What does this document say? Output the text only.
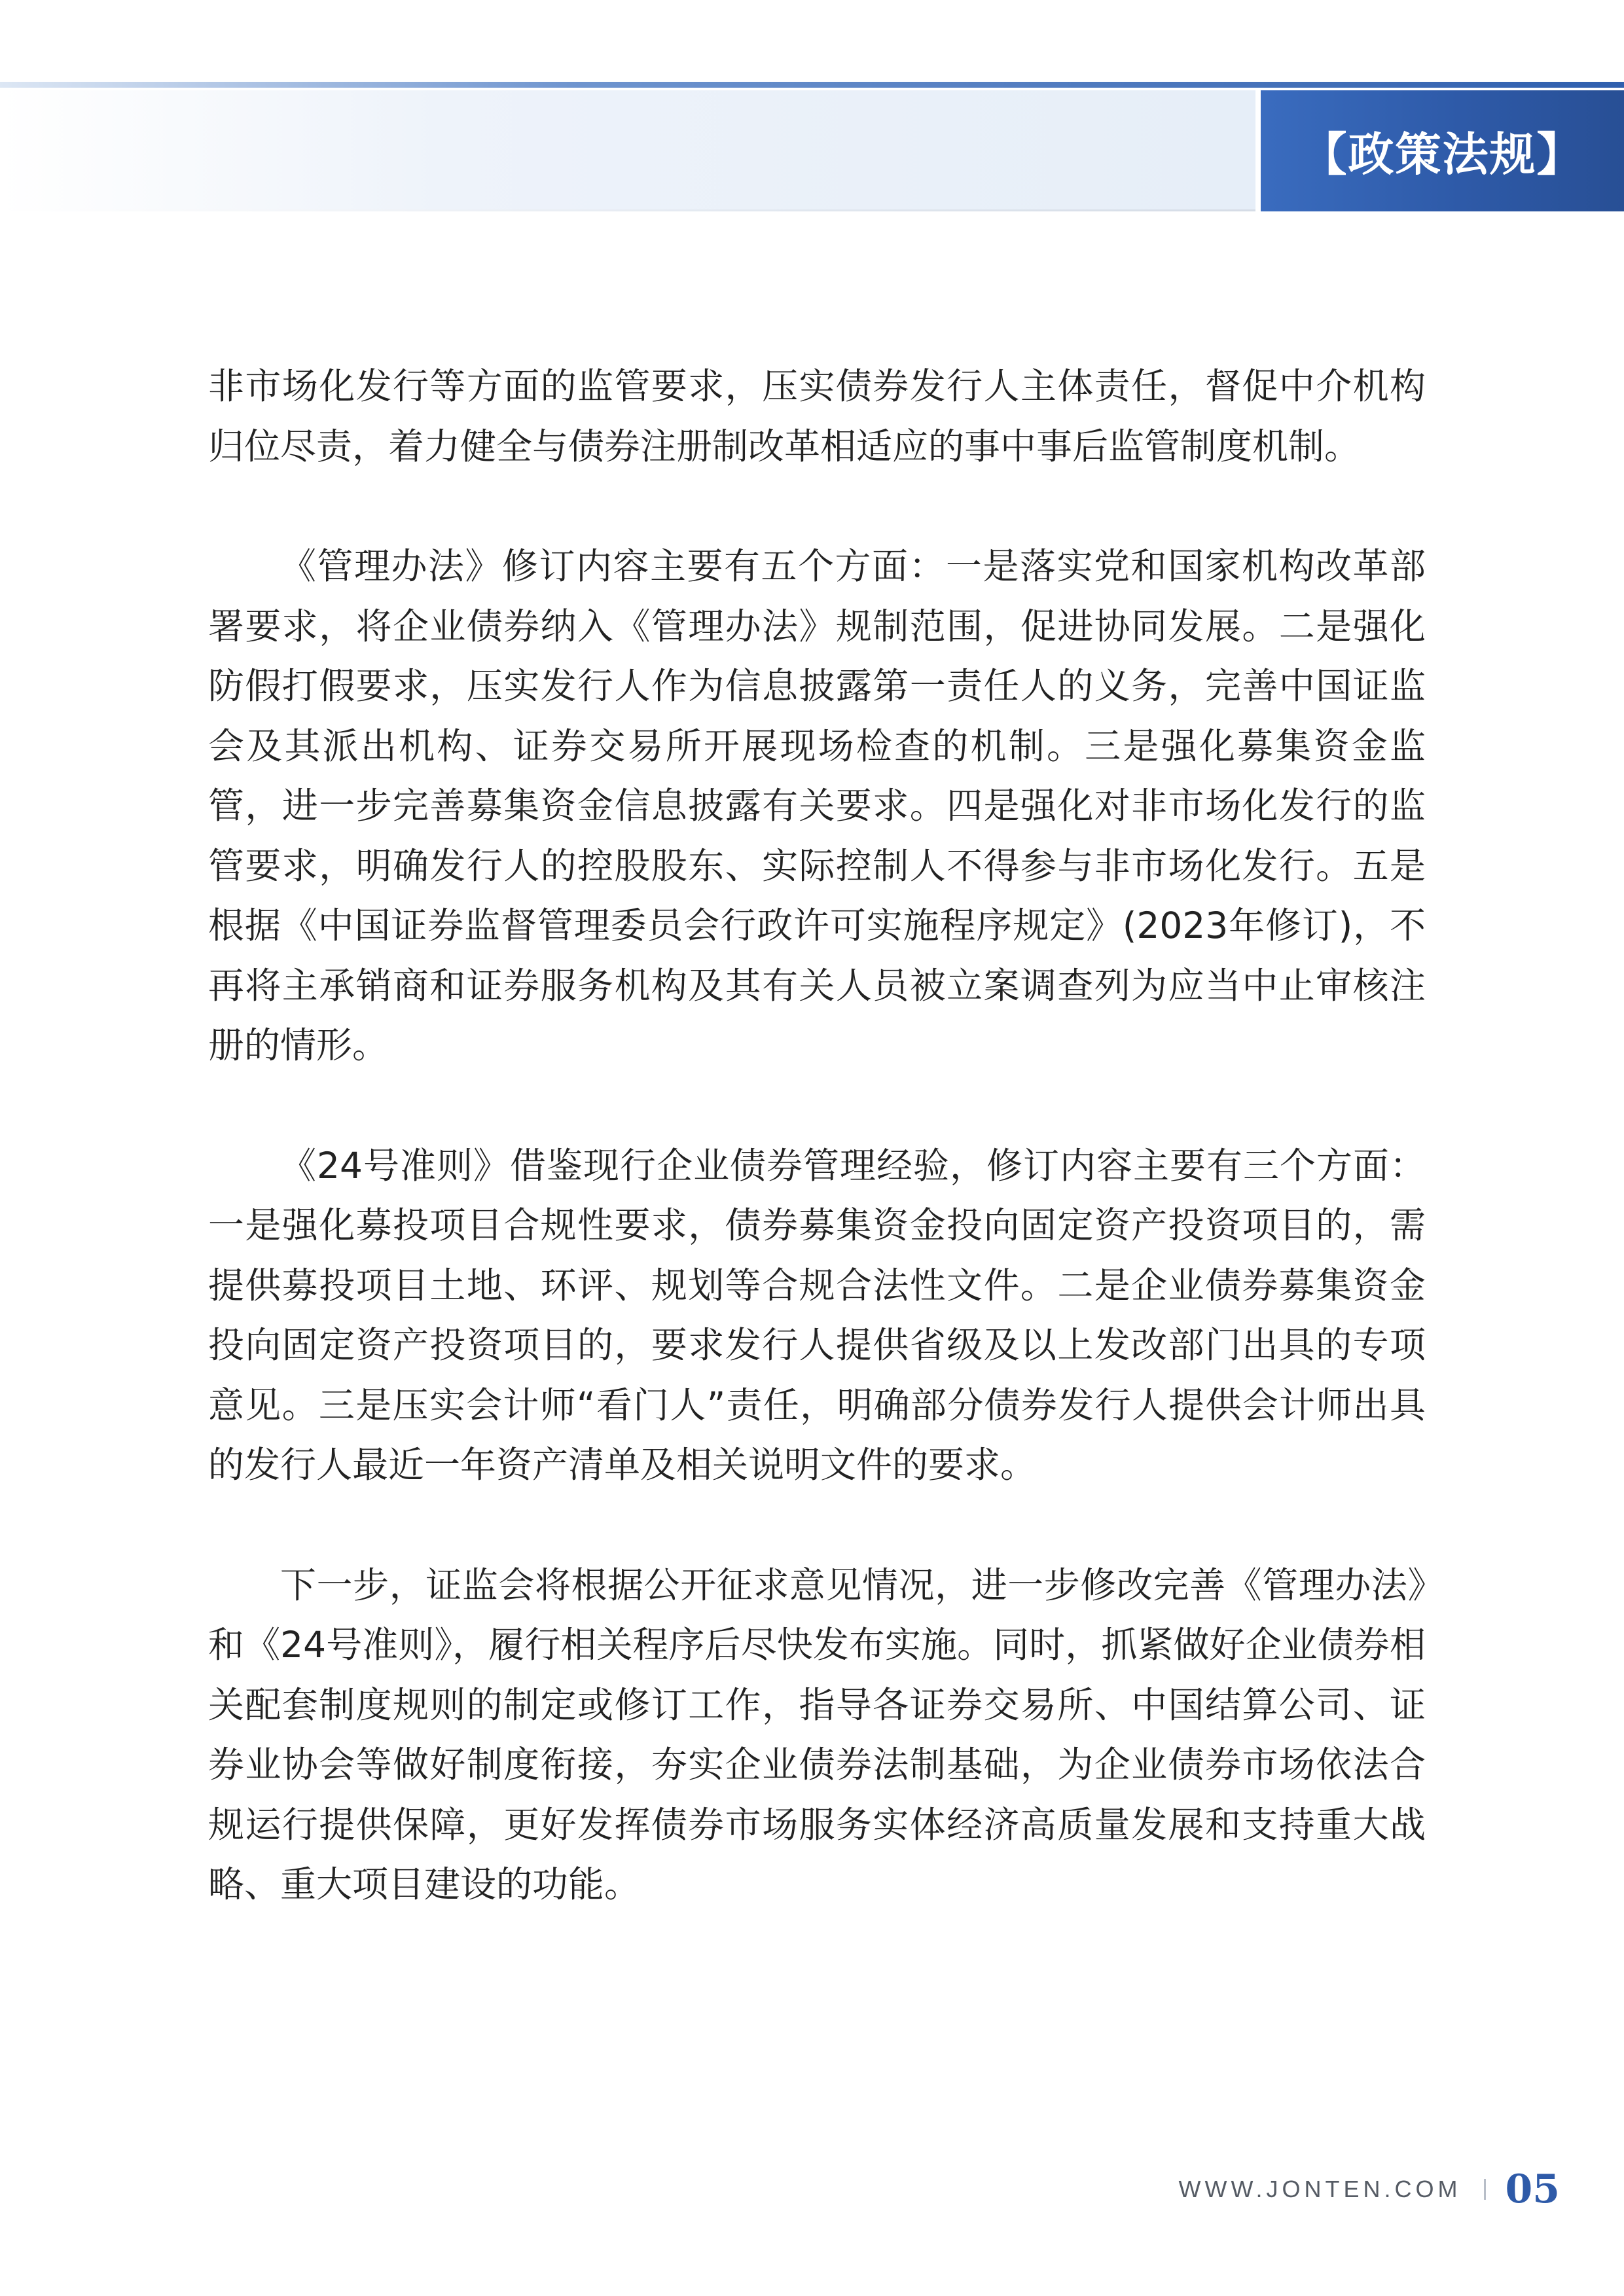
【政策法规】

非市场化发行等方面的监管要求，压实债券发行人主体责任，督促中介机构归位尽责，着力健全与债券注册制改革相适应的事中事后监管制度机制。

《管理办法》修订内容主要有五个方面：一是落实党和国家机构改革部署要求，将企业债券纳入《管理办法》规制范围，促进协同发展。二是强化防假打假要求，压实发行人作为信息披露第一责任人的义务，完善中国证监会及其派出机构、证券交易所开展现场检查的机制。三是强化募集资金监管，进一步完善募集资金信息披露有关要求。四是强化对非市场化发行的监管要求，明确发行人的控股股东、实际控制人不得参与非市场化发行。五是根据《中国证券监督管理委员会行政许可实施程序规定》(2023年修订)，不再将主承销商和证券服务机构及其有关人员被立案调查列为应当中止审核注册的情形。

《24号准则》借鉴现行企业债券管理经验，修订内容主要有三个方面：一是强化募投项目合规性要求，债券募集资金投向固定资产投资项目的，需提供募投项目土地、环评、规划等合规合法性文件。二是企业债券募集资金投向固定资产投资项目的，要求发行人提供省级及以上发改部门出具的专项意见。三是压实会计师“看门人”责任，明确部分债券发行人提供会计师出具的发行人最近一年资产清单及相关说明文件的要求。

下一步，证监会将根据公开征求意见情况，进一步修改完善《管理办法》和《24号准则》，履行相关程序后尽快发布实施。同时，抓紧做好企业债券相关配套制度规则的制定或修订工作，指导各证券交易所、中国结算公司、证券业协会等做好制度衔接，夯实企业债券法制基础，为企业债券市场依法合规运行提供保障，更好发挥债券市场服务实体经济高质量发展和支持重大战略、重大项目建设的功能。

WWW.JONTEN.COM 05
